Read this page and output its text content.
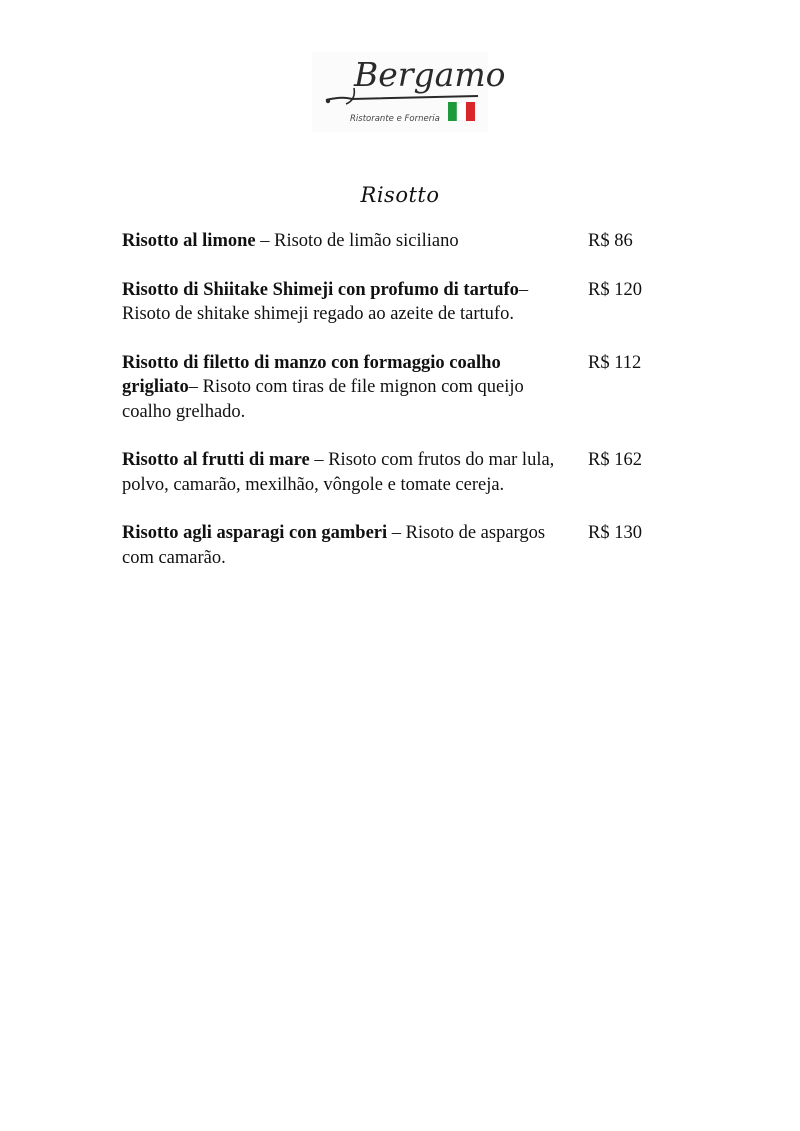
Bergamo
Ristorante e Forneria
Risotto
Risotto al limone – Risoto de limão siciliano	R$ 86
Risotto di Shiitake Shimeji con profumo di tartufo– Risoto de shitake shimeji regado ao azeite de tartufo.
R$ 120
Risotto di filetto di manzo con formaggio coalho grigliato– Risoto com tiras de file mignon com queijo coalho grelhado.
R$ 112
Risotto al frutti di mare – Risoto com frutos do mar lula, polvo, camarão, mexilhão, vôngole e tomate cereja.
R$ 162
Risotto agli asparagi con gamberi – Risoto de aspargos com camarão.
R$ 130
